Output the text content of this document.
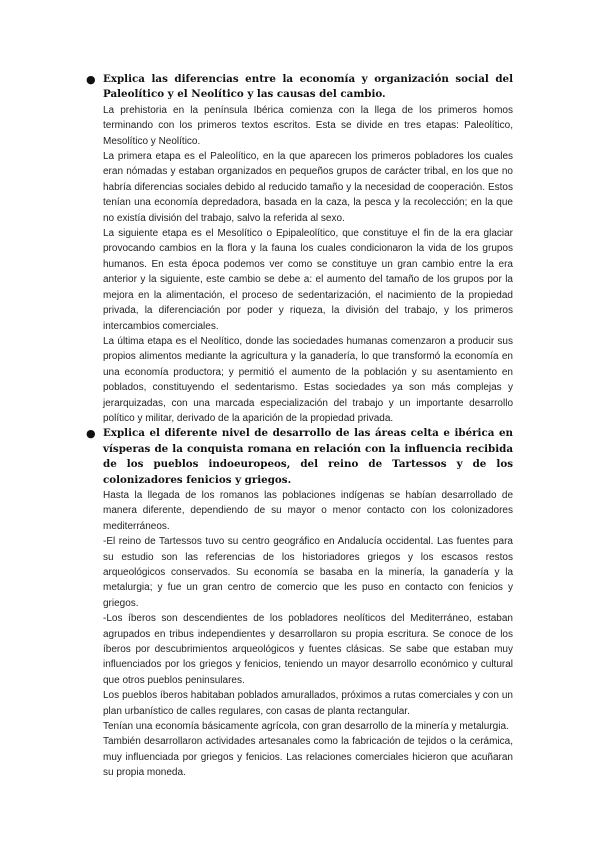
● Explica las diferencias entre la economía y organización social del Paleolítico y el Neolítico y las causas del cambio.

La prehistoria en la península Ibérica comienza con la llega de los primeros homos terminando con los primeros textos escritos. Esta se divide en tres etapas: Paleolítico, Mesolítico y Neolítico.

La primera etapa es el Paleolítico, en la que aparecen los primeros pobladores los cuales eran nómadas y estaban organizados en pequeños grupos de carácter tribal, en los que no habría diferencias sociales debido al reducido tamaño y la necesidad de cooperación. Estos tenían una economía depredadora, basada en la caza, la pesca y la recolección; en la que no existía división del trabajo, salvo la referida al sexo.

La siguiente etapa es el Mesolítico o Epipaleolítico, que constituye el fin de la era glaciar provocando cambios en la flora y la fauna los cuales condicionaron la vida de los grupos humanos. En esta época podemos ver como se constituye un gran cambio entre la era anterior y la siguiente, este cambio se debe a: el aumento del tamaño de los grupos por la mejora en la alimentación, el proceso de sedentarización, el nacimiento de la propiedad privada, la diferenciación por poder y riqueza, la división del trabajo, y los primeros intercambios comerciales.

La última etapa es el Neolítico, donde las sociedades humanas comenzaron a producir sus propios alimentos mediante la agricultura y la ganadería, lo que transformó la economía en una economía productora; y permitió el aumento de la población y su asentamiento en poblados, constituyendo el sedentarismo. Estas sociedades ya son más complejas y jerarquizadas, con una marcada especialización del trabajo y un importante desarrollo político y militar, derivado de la aparición de la propiedad privada.

● Explica el diferente nivel de desarrollo de las áreas celta e ibérica en vísperas de la conquista romana en relación con la influencia recibida de los pueblos indoeuropeos, del reino de Tartessos y de los colonizadores fenicios y griegos.

Hasta la llegada de los romanos las poblaciones indígenas se habían desarrollado de manera diferente, dependiendo de su mayor o menor contacto con los colonizadores mediterráneos.

-El reino de Tartessos tuvo su centro geográfico en Andalucía occidental. Las fuentes para su estudio son las referencias de los historiadores griegos y los escasos restos arqueológicos conservados. Su economía se basaba en la minería, la ganadería y la metalurgia; y fue un gran centro de comercio que les puso en contacto con fenicios y griegos.

-Los íberos son descendientes de los pobladores neolíticos del Mediterráneo, estaban agrupados en tribus independientes y desarrollaron su propia escritura. Se conoce de los íberos por descubrimientos arqueológicos y fuentes clásicas. Se sabe que estaban muy influenciados por los griegos y fenicios, teniendo un mayor desarrollo económico y cultural que otros pueblos peninsulares.

Los pueblos íberos habitaban poblados amurallados, próximos a rutas comerciales y con un plan urbanístico de calles regulares, con casas de planta rectangular.

Tenían una economía básicamente agrícola, con gran desarrollo de la minería y metalurgia.

También desarrollaron actividades artesanales como la fabricación de tejidos o la cerámica, muy influenciada por griegos y fenicios. Las relaciones comerciales hicieron que acuñaran su propia moneda.
